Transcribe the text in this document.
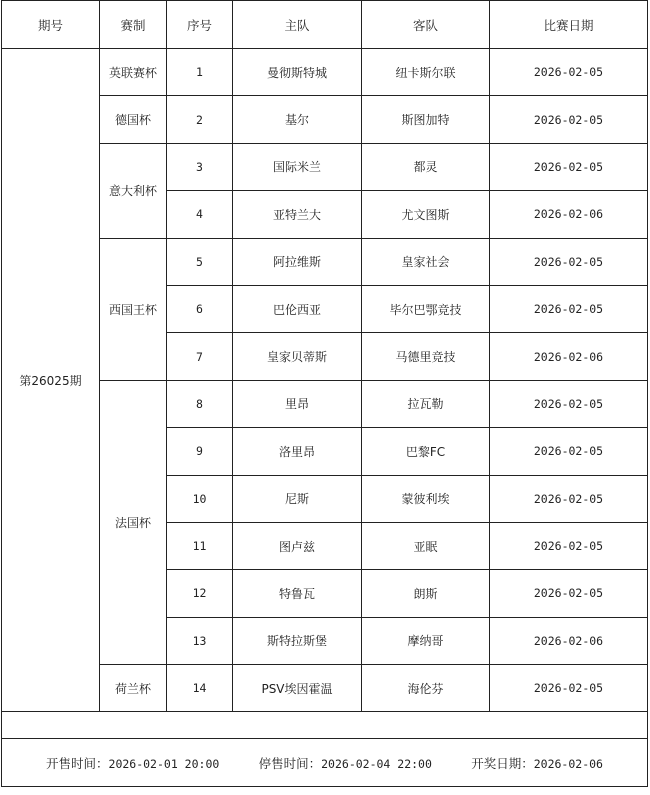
期号	赛制	序号	主队	客队	比赛日期
第26025期	英联赛杯	1	曼彻斯特城	纽卡斯尔联	2026-02-05
	德国杯	2	基尔	斯图加特	2026-02-05
	意大利杯	3	国际米兰	都灵	2026-02-05
		4	亚特兰大	尤文图斯	2026-02-06
	西国王杯	5	阿拉维斯	皇家社会	2026-02-05
		6	巴伦西亚	毕尔巴鄂竞技	2026-02-05
		7	皇家贝蒂斯	马德里竞技	2026-02-06
	法国杯	8	里昂	拉瓦勒	2026-02-05
		9	洛里昂	巴黎FC	2026-02-05
		10	尼斯	蒙彼利埃	2026-02-05
		11	图卢兹	亚眠	2026-02-05
		12	特鲁瓦	朗斯	2026-02-05
		13	斯特拉斯堡	摩纳哥	2026-02-06
	荷兰杯	14	PSV埃因霍温	海伦芬	2026-02-05

开售时间：2026-02-01 20:00 停售时间：2026-02-04 22:00 开奖日期：2026-02-06					
